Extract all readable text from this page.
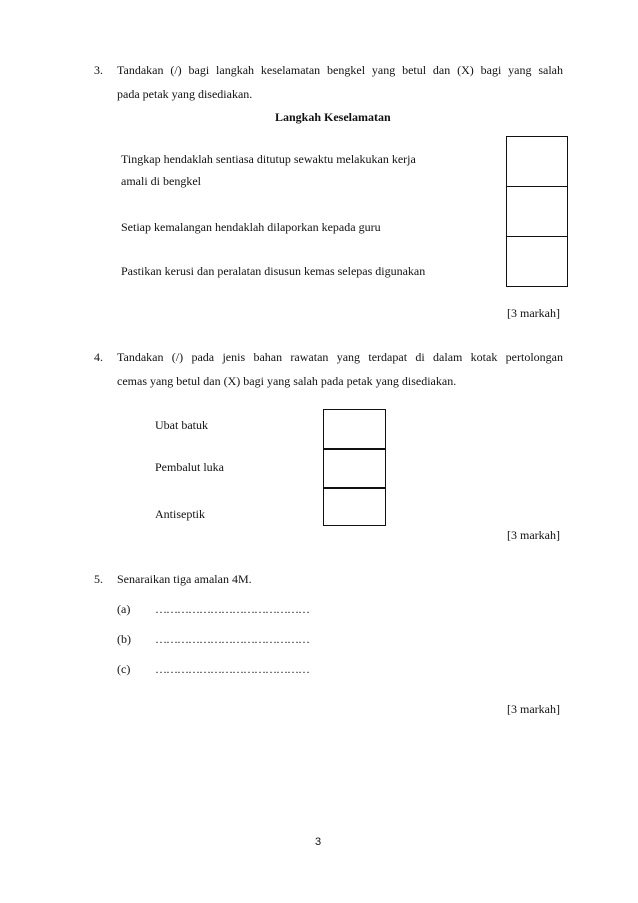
3. Tandakan (/) bagi langkah keselamatan bengkel yang betul dan (X) bagi yang salah
pada petak yang disediakan.
Langkah Keselamatan
Tingkap hendaklah sentiasa ditutup sewaktu melakukan kerja
amali di bengkel
Setiap kemalangan hendaklah dilaporkan kepada guru
Pastikan kerusi dan peralatan disusun kemas selepas digunakan
[3 markah]
4. Tandakan (/) pada jenis bahan rawatan yang terdapat di dalam kotak pertolongan
cemas yang betul dan (X) bagi yang salah pada petak yang disediakan.
Ubat batuk
Pembalut luka
Antiseptik
[3 markah]
5. Senaraikan tiga amalan 4M.
(a) ……………………………………
(b) ……………………………………
(c) ……………………………………
[3 markah]
3
